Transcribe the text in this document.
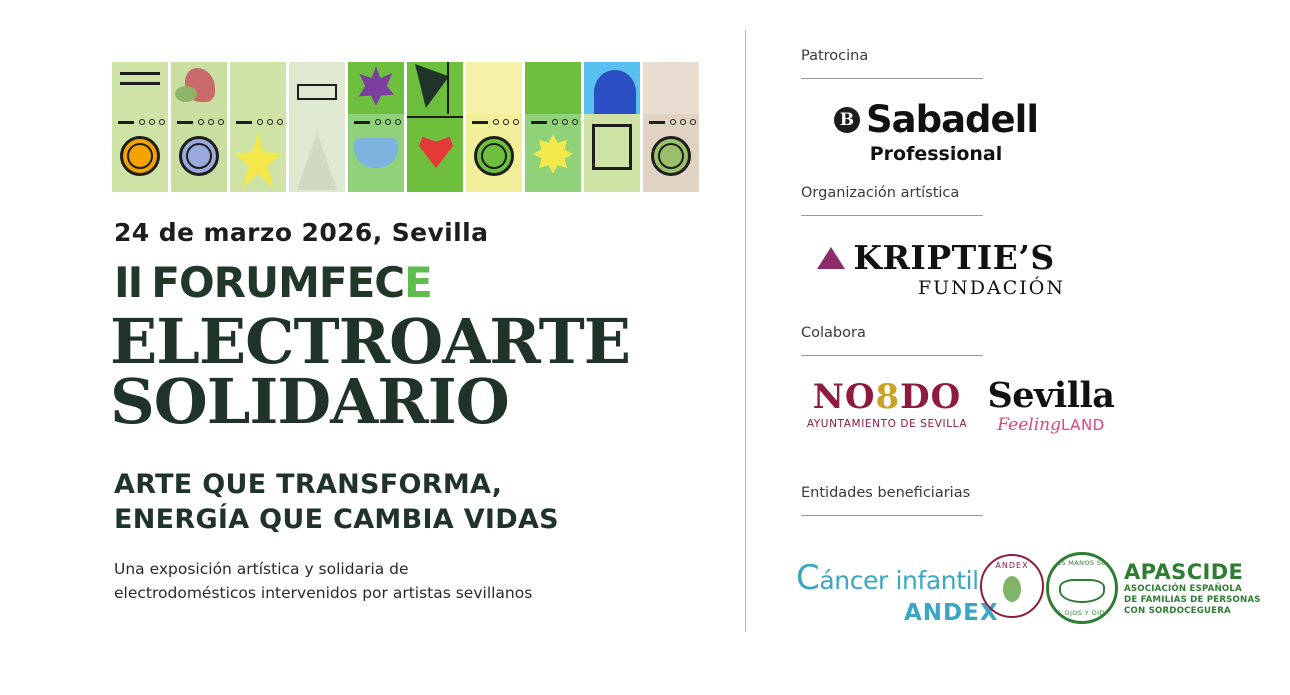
24 de marzo 2026, Sevilla
II FORUMFECE
ELECTROARTE
SOLIDARIO
ARTE QUE TRANSFORMA,
ENERGÍA QUE CAMBIA VIDAS
Una exposición artística y solidaria de
electrodomésticos intervenidos por artistas sevillanos
Patrocina
B Sabadell
Professional
Organización artística
KRIPTIE’S
FUNDACIÓN
Colabora
NO8DO
AYUNTAMIENTO DE SEVILLA
Sevilla
FeelingLAND
Entidades beneficiarias
Cáncer infantil
ANDEX
ANDEX	TUS MANOS SON
MIS OJOS Y OÍDOS
APASCIDE
ASOCIACIÓN ESPAÑOLA
DE FAMILIAS DE PERSONAS
CON SORDOCEGUERA
